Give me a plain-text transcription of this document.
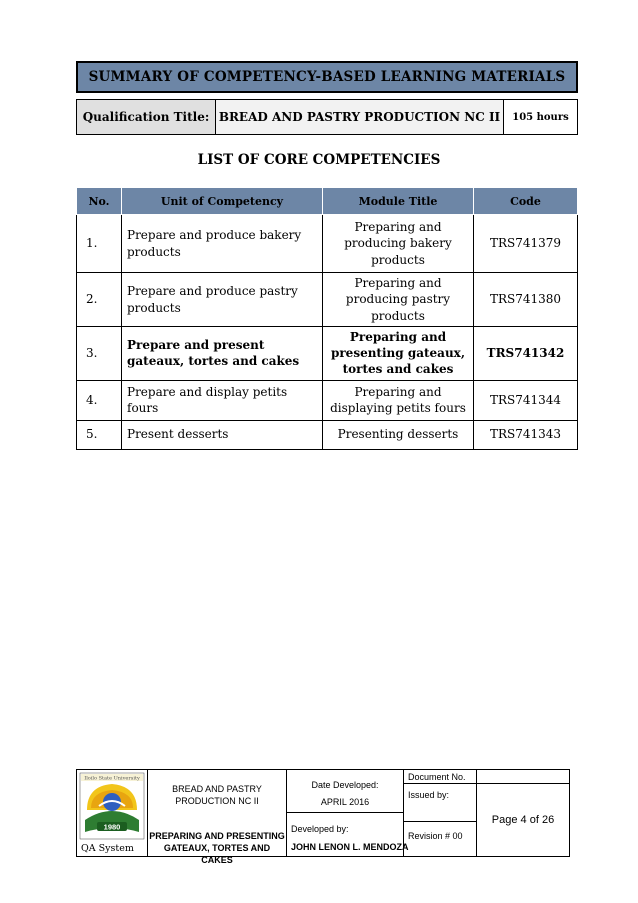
SUMMARY OF COMPETENCY-BASED LEARNING MATERIALS
Qualification Title: BREAD AND PASTRY PRODUCTION NC II	105 hours
LIST OF CORE COMPETENCIES
No.	Unit of Competency	Module Title	Code
1.	Prepare and produce bakery products	Preparing and producing bakery products	TRS741379
2.	Prepare and produce pastry products	Preparing and producing pastry products	TRS741380
3.	Prepare and present gateaux, tortes and cakes	Preparing and presenting gateaux, tortes and cakes	TRS741342
4.	Prepare and display petits fours	Preparing and displaying petits fours	TRS741344
5.	Present desserts	Presenting desserts	TRS741343
Iloilo State University
1980
QA System
BREAD AND PASTRY
PRODUCTION NC II
PREPARING AND PRESENTING
GATEAUX, TORTES AND CAKES
Date Developed:
APRIL 2016
Developed by:
JOHN LENON L. MENDOZA
Issued by:
Revision # 00
Document No.
Page 4 of 26
